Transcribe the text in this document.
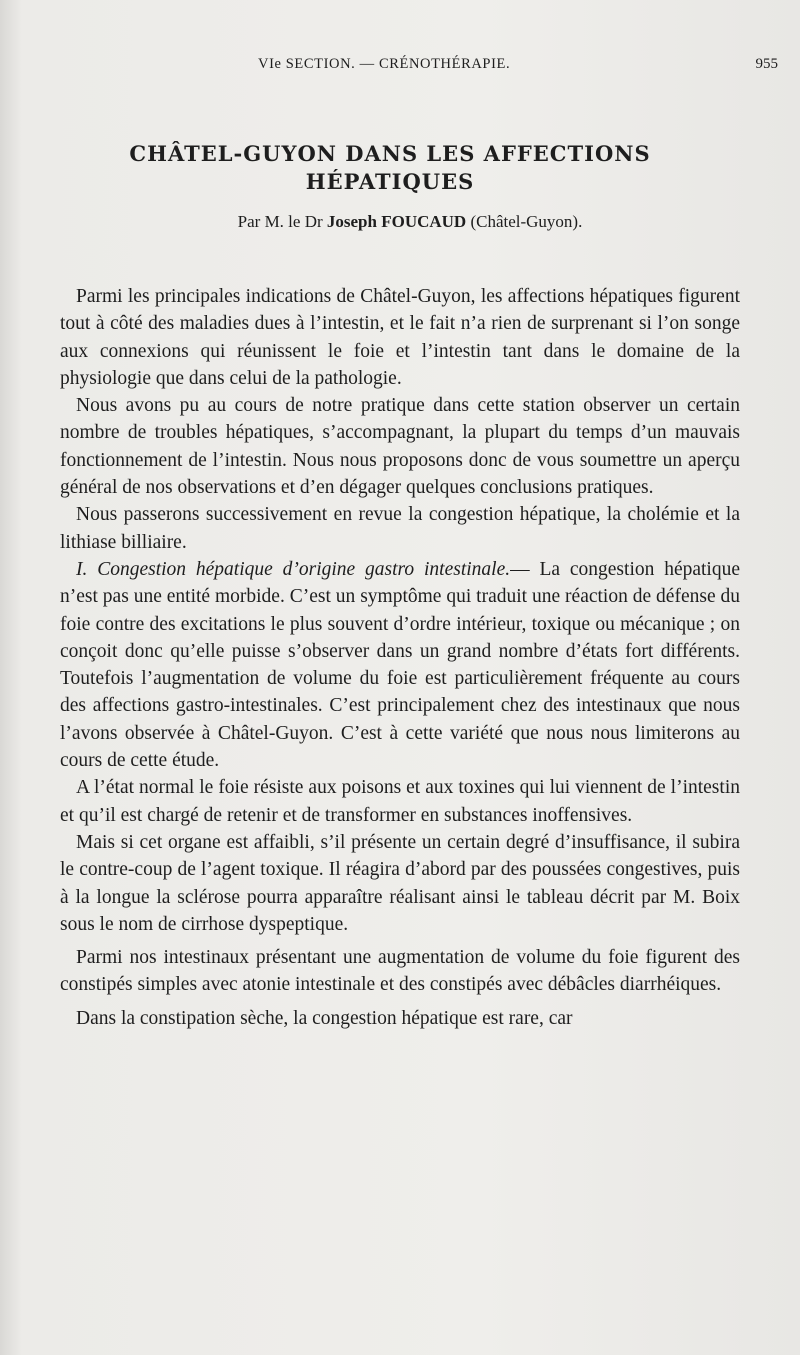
VIe SECTION. — CRÉNOTHÉRAPIE.	955
CHÂTEL-GUYON DANS LES AFFECTIONS HÉPATIQUES
Par M. le Dr Joseph FOUCAUD (Châtel-Guyon).

Parmi les principales indications de Châtel-Guyon, les affections hépatiques figurent tout à côté des maladies dues à l’intestin, et le fait n’a rien de surprenant si l’on songe aux connexions qui réunissent le foie et l’intestin tant dans le domaine de la physiologie que dans celui de la pathologie.

Nous avons pu au cours de notre pratique dans cette station observer un certain nombre de troubles hépatiques, s’accompagnant, la plupart du temps d’un mauvais fonctionnement de l’intestin. Nous nous proposons donc de vous soumettre un aperçu général de nos observations et d’en dégager quelques conclusions pratiques.

Nous passerons successivement en revue la congestion hépatique, la cholémie et la lithiase billiaire.

I. Congestion hépatique d’origine gastro intestinale.— La congestion hépatique n’est pas une entité morbide. C’est un symptôme qui traduit une réaction de défense du foie contre des excitations le plus souvent d’ordre intérieur, toxique ou mécanique ; on conçoit donc qu’elle puisse s’observer dans un grand nombre d’états fort différents. Toutefois l’augmentation de volume du foie est particulièrement fréquente au cours des affections gastro-intestinales. C’est principalement chez des intestinaux que nous l’avons observée à Châtel-Guyon. C’est à cette variété que nous nous limiterons au cours de cette étude.

A l’état normal le foie résiste aux poisons et aux toxines qui lui viennent de l’intestin et qu’il est chargé de retenir et de transformer en substances inoffensives.

Mais si cet organe est affaibli, s’il présente un certain degré d’insuffisance, il subira le contre-coup de l’agent toxique. Il réagira d’abord par des poussées congestives, puis à la longue la sclérose pourra apparaître réalisant ainsi le tableau décrit par M. Boix sous le nom de cirrhose dyspeptique.

Parmi nos intestinaux présentant une augmentation de volume du foie figurent des constipés simples avec atonie intestinale et des constipés avec débâcles diarrhéiques.

Dans la constipation sèche, la congestion hépatique est rare, car
